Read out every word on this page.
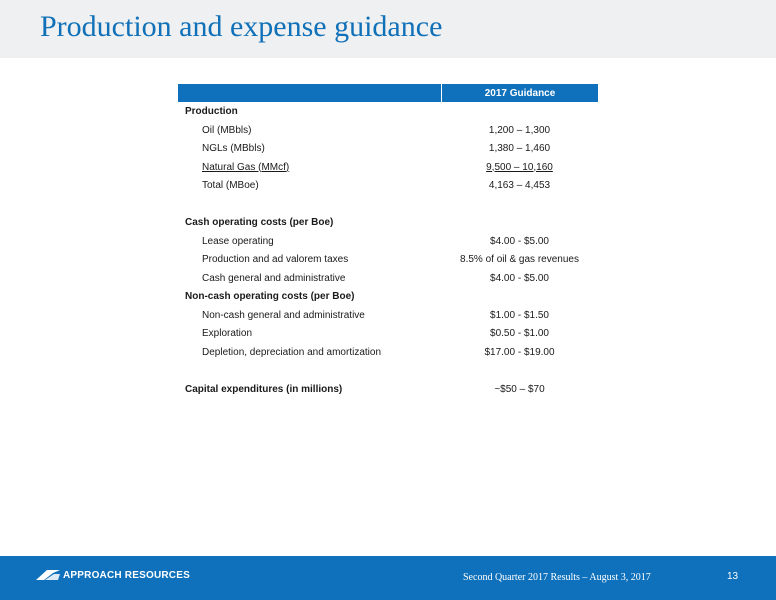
Production and expense guidance
2017 Guidance
Production
Oil (MBbls)	1,200 – 1,300
NGLs (MBbls)	1,380 – 1,460
Natural Gas (MMcf)	9,500 – 10,160
Total (MBoe)	4,163 – 4,453
Cash operating costs (per Boe)
Lease operating	$4.00 - $5.00
Production and ad valorem taxes	8.5% of oil & gas revenues
Cash general and administrative	$4.00 - $5.00
Non-cash operating costs (per Boe)
Non-cash general and administrative	$1.00 - $1.50
Exploration	$0.50 - $1.00
Depletion, depreciation and amortization	$17.00 - $19.00
Capital expenditures (in millions)	~$50 – $70
APPROACH RESOURCES	Second Quarter 2017 Results – August 3, 2017	13
